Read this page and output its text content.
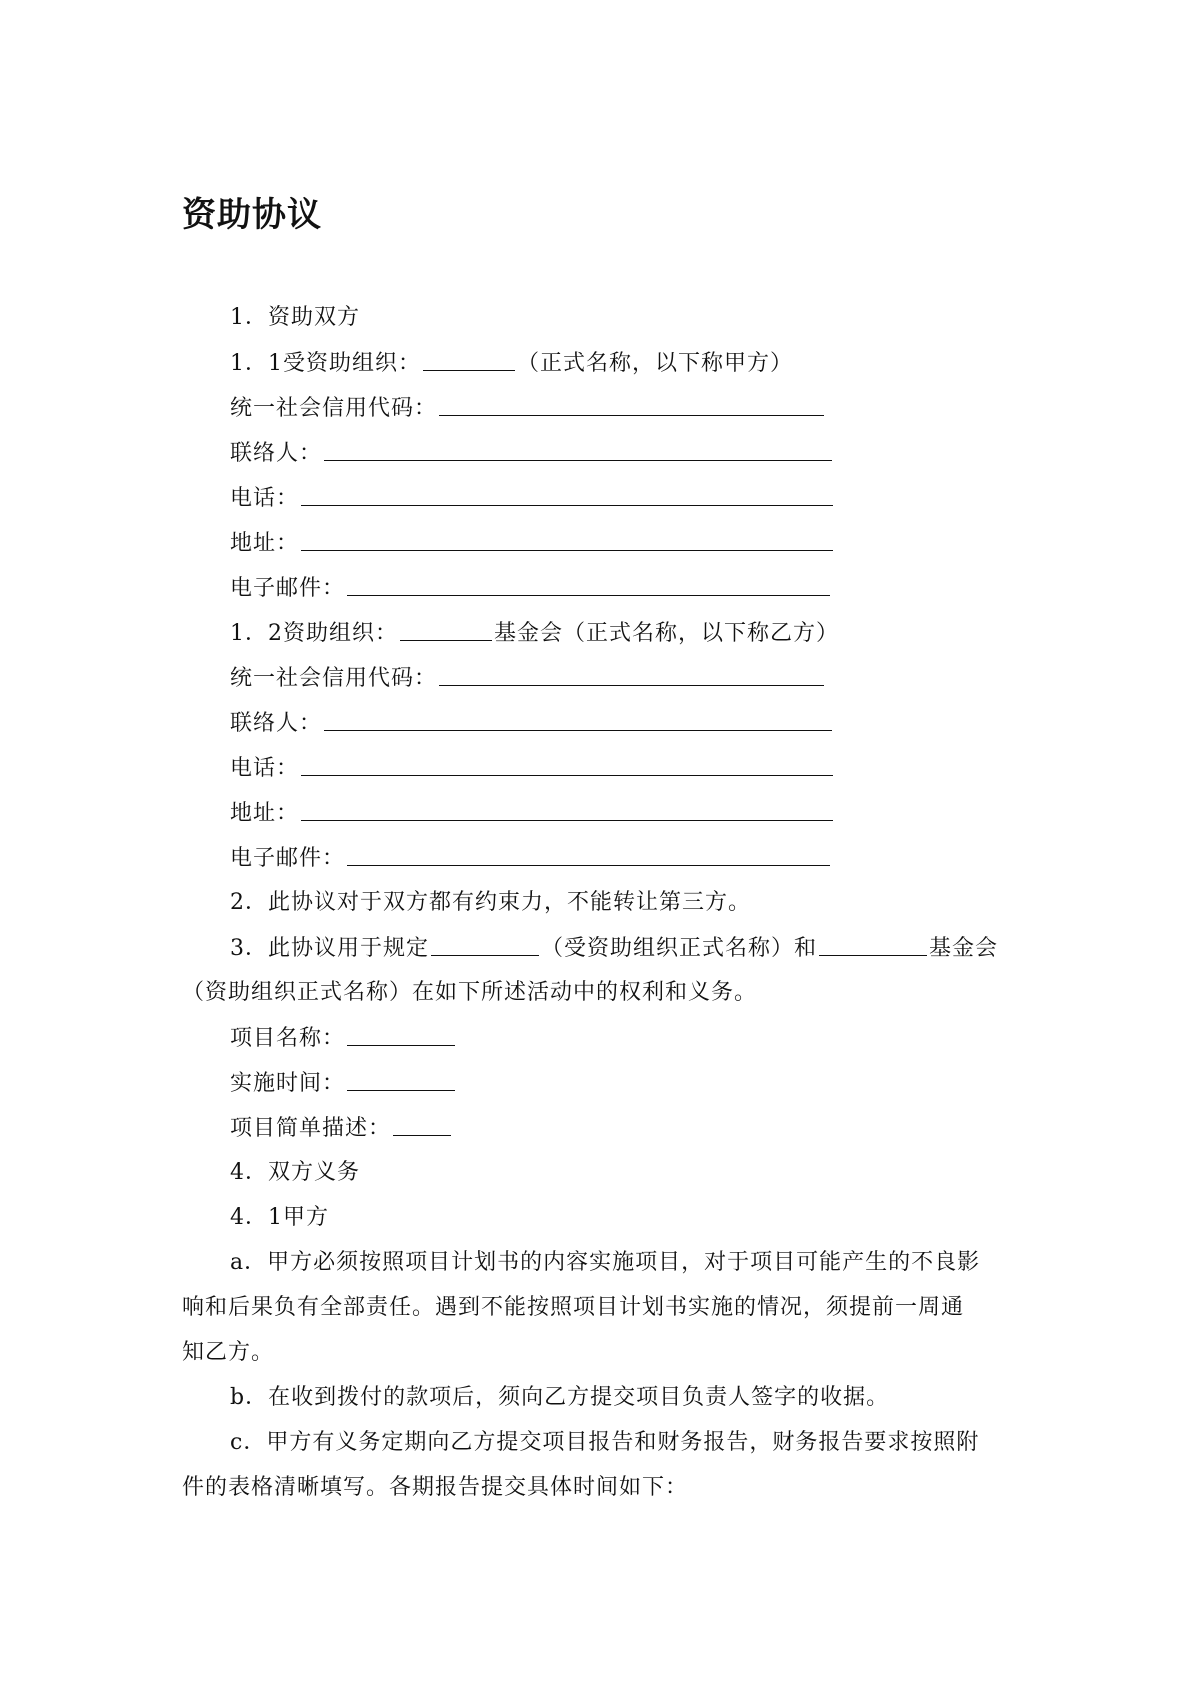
资助协议
1．资助双方
1．1受资助组织：	（正式名称，以下称甲方）
统一社会信用代码：
联络人：
电话：
地址：
电子邮件：
1．2资助组织：	基金会（正式名称，以下称乙方）
统一社会信用代码：
联络人：
电话：
地址：
电子邮件：
2．此协议对于双方都有约束力，不能转让第三方。
3．此协议用于规定	（受资助组织正式名称）和	基金会
（资助组织正式名称）在如下所述活动中的权利和义务。
项目名称：
实施时间：
项目简单描述：
4．双方义务
4．1甲方
a．甲方必须按照项目计划书的内容实施项目，对于项目可能产生的不良影
响和后果负有全部责任。遇到不能按照项目计划书实施的情况，须提前一周通
知乙方。
b．在收到拨付的款项后，须向乙方提交项目负责人签字的收据。
c．甲方有义务定期向乙方提交项目报告和财务报告，财务报告要求按照附
件的表格清晰填写。各期报告提交具体时间如下：
